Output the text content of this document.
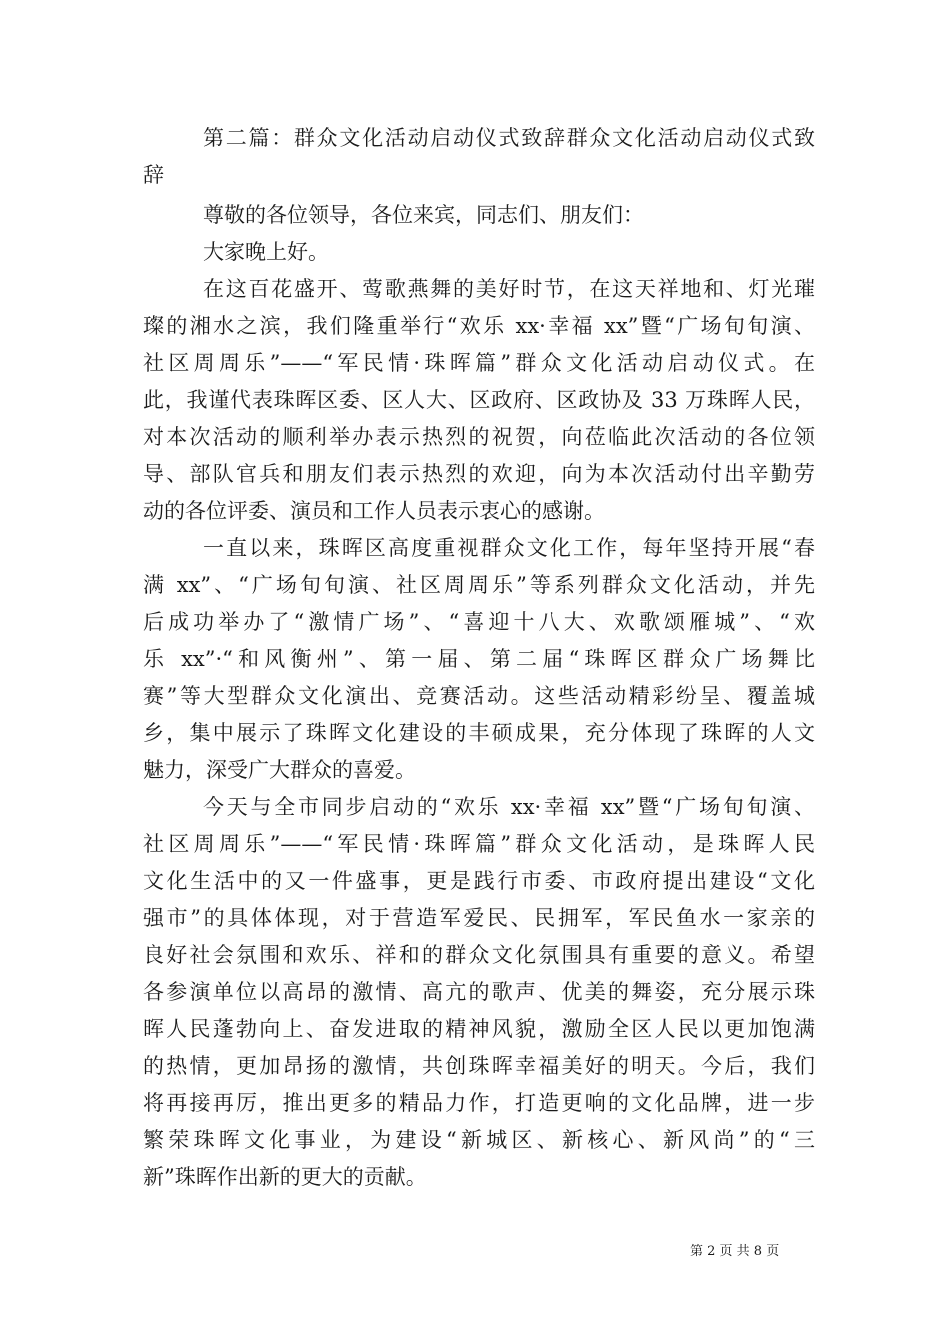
第二篇：群众文化活动启动仪式致辞群众文化活动启动仪式致
辞
尊敬的各位领导，各位来宾，同志们、朋友们：
大家晚上好。
在这百花盛开、莺歌燕舞的美好时节，在这天祥地和、灯光璀
璨的湘水之滨，我们隆重举行“欢乐 xx·幸福 xx”暨“广场旬旬演、
社区周周乐”——“军民情·珠晖篇”群众文化活动启动仪式。在
此，我谨代表珠晖区委、区人大、区政府、区政协及 33 万珠晖人民，
对本次活动的顺利举办表示热烈的祝贺，向莅临此次活动的各位领
导、部队官兵和朋友们表示热烈的欢迎，向为本次活动付出辛勤劳
动的各位评委、演员和工作人员表示衷心的感谢。
一直以来，珠晖区高度重视群众文化工作，每年坚持开展“春
满 xx”、“广场旬旬演、社区周周乐”等系列群众文化活动，并先
后成功举办了“激情广场”、“喜迎十八大、欢歌颂雁城”、“欢
乐 xx”·“和风衡州”、第一届、第二届“珠晖区群众广场舞比
赛”等大型群众文化演出、竞赛活动。这些活动精彩纷呈、覆盖城
乡，集中展示了珠晖文化建设的丰硕成果，充分体现了珠晖的人文
魅力，深受广大群众的喜爱。
今天与全市同步启动的“欢乐 xx·幸福 xx”暨“广场旬旬演、
社区周周乐”——“军民情·珠晖篇”群众文化活动，是珠晖人民
文化生活中的又一件盛事，更是践行市委、市政府提出建设“文化
强市”的具体体现，对于营造军爱民、民拥军，军民鱼水一家亲的
良好社会氛围和欢乐、祥和的群众文化氛围具有重要的意义。希望
各参演单位以高昂的激情、高亢的歌声、优美的舞姿，充分展示珠
晖人民蓬勃向上、奋发进取的精神风貌，激励全区人民以更加饱满
的热情，更加昂扬的激情，共创珠晖幸福美好的明天。今后，我们
将再接再厉，推出更多的精品力作，打造更响的文化品牌，进一步
繁荣珠晖文化事业，为建设“新城区、新核心、新风尚”的“三
新”珠晖作出新的更大的贡献。
第 2 页 共 8 页
